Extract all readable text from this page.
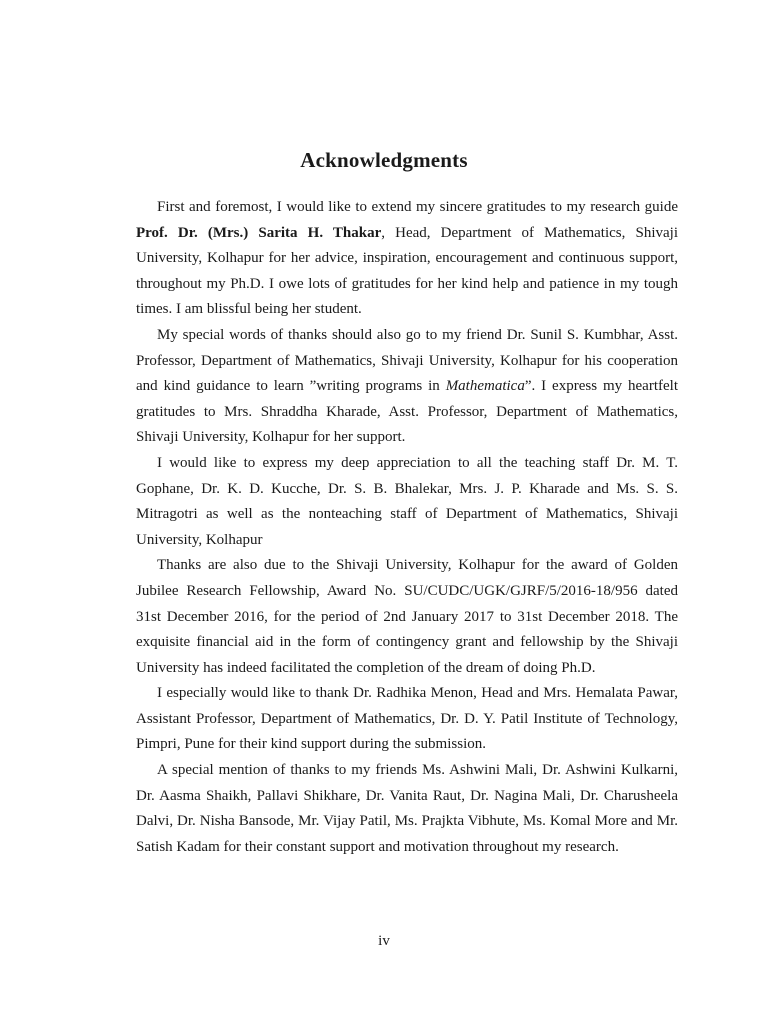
Acknowledgments

First and foremost, I would like to extend my sincere gratitudes to my research guide Prof. Dr. (Mrs.) Sarita H. Thakar, Head, Department of Mathematics, Shivaji University, Kolhapur for her advice, inspiration, encouragement and continuous support, throughout my Ph.D. I owe lots of gratitudes for her kind help and patience in my tough times. I am blissful being her student.

My special words of thanks should also go to my friend Dr. Sunil S. Kumbhar, Asst. Professor, Department of Mathematics, Shivaji University, Kolhapur for his cooperation and kind guidance to learn ”writing programs in Mathematica”. I express my heartfelt gratitudes to Mrs. Shraddha Kharade, Asst. Professor, Department of Mathematics, Shivaji University, Kolhapur for her support.

I would like to express my deep appreciation to all the teaching staff Dr. M. T. Gophane, Dr. K. D. Kucche, Dr. S. B. Bhalekar, Mrs. J. P. Kharade and Ms. S. S. Mitragotri as well as the nonteaching staff of Department of Mathematics, Shivaji University, Kolhapur

Thanks are also due to the Shivaji University, Kolhapur for the award of Golden Jubilee Research Fellowship, Award No. SU/CUDC/UGK/GJRF/5/2016-18/956 dated 31st December 2016, for the period of 2nd January 2017 to 31st December 2018. The exquisite financial aid in the form of contingency grant and fellowship by the Shivaji University has indeed facilitated the completion of the dream of doing Ph.D.

I especially would like to thank Dr. Radhika Menon, Head and Mrs. Hemalata Pawar, Assistant Professor, Department of Mathematics, Dr. D. Y. Patil Institute of Technology, Pimpri, Pune for their kind support during the submission.

A special mention of thanks to my friends Ms. Ashwini Mali, Dr. Ashwini Kulkarni, Dr. Aasma Shaikh, Pallavi Shikhare, Dr. Vanita Raut, Dr. Nagina Mali, Dr. Charusheela Dalvi, Dr. Nisha Bansode, Mr. Vijay Patil, Ms. Prajkta Vibhute, Ms. Komal More and Mr. Satish Kadam for their constant support and motivation throughout my research.

iv
